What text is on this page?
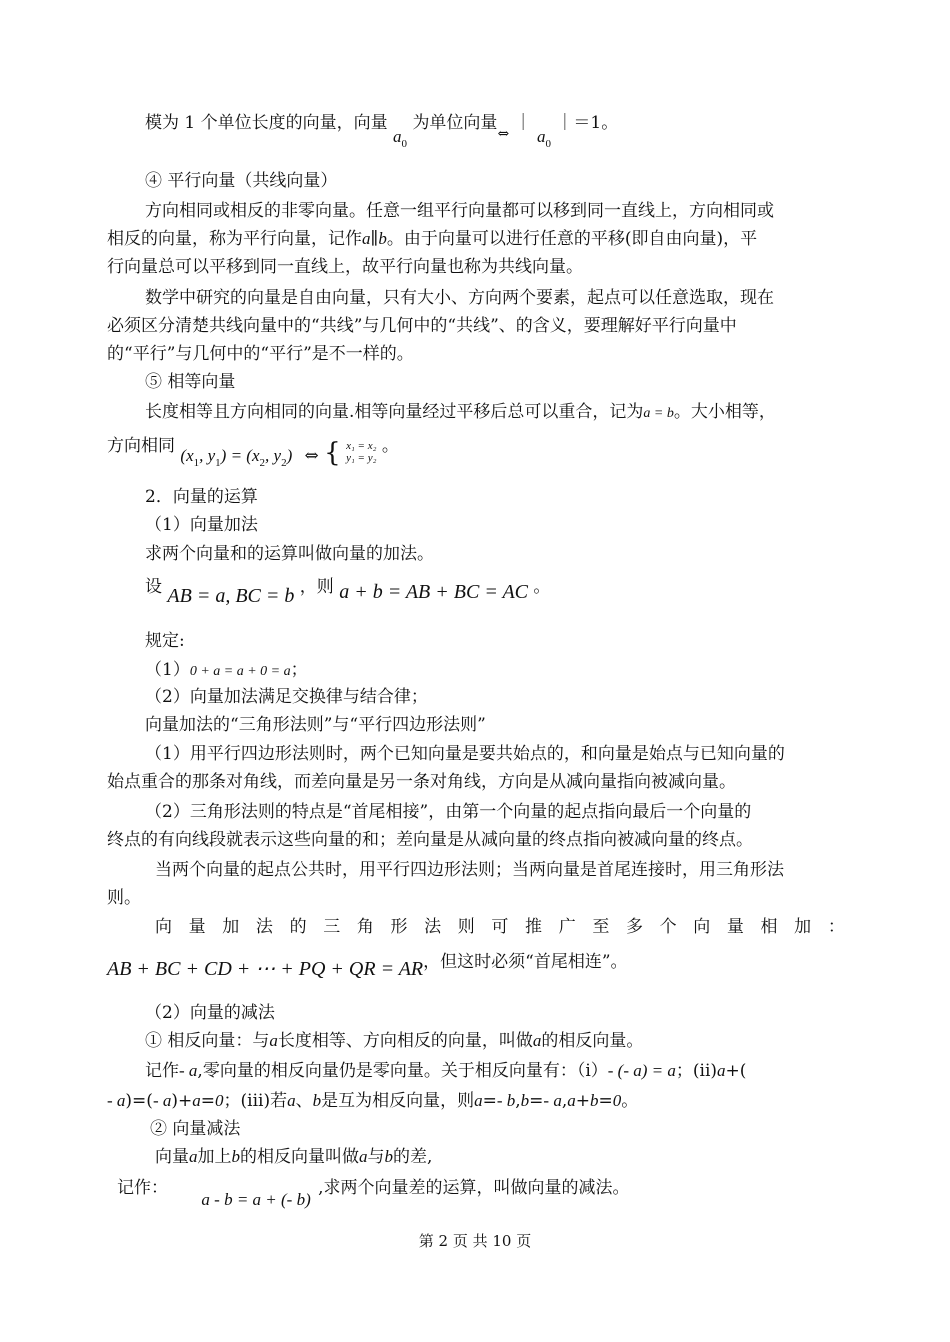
模为 1 个单位长度的向量，向量 $a_0$ 为单位向量$_\Leftrightarrow$ ｜ $a_0$ ｜＝1。
④ 平行向量（共线向量）
方向相同或相反的非零向量。任意一组平行向量都可以移到同一直线上，方向相同或
相反的向量，称为平行向量，记作a∥b。由于向量可以进行任意的平移(即自由向量)，平
行向量总可以平移到同一直线上，故平行向量也称为共线向量。
数学中研究的向量是自由向量，只有大小、方向两个要素，起点可以任意选取，现在
必须区分清楚共线向量中的“共线”与几何中的“共线”、的含义，要理解好平行向量中
的“平行”与几何中的“平行”是不一样的。
⑤ 相等向量
长度相等且方向相同的向量.相等向量经过平移后总可以重合，记为a = b。大小相等，
方向相同 ($x_1$, $y_1) = (x_2$, $y_2$) ⇔ { x₁ = x₂
y₁ = y₂
。
2．向量的运算
（1）向量加法
求两个向量和的运算叫做向量的加法。
设 AB = a, BC = b ，则 a + b = AB + BC = AC 。
规定:
（1）0 + a = a + 0 = a；
（2）向量加法满足交换律与结合律；
向量加法的“三角形法则”与“平行四边形法则”
（1）用平行四边形法则时，两个已知向量是要共始点的，和向量是始点与已知向量的
始点重合的那条对角线，而差向量是另一条对角线，方向是从减向量指向被减向量。
（2）三角形法则的特点是“首尾相接”，由第一个向量的起点指向最后一个向量的
终点的有向线段就表示这些向量的和；差向量是从减向量的终点指向被减向量的终点。
当两个向量的起点公共时，用平行四边形法则；当两向量是首尾连接时，用三角形法
则。
向 量 加 法 的 三 角 形 法 则 可 推 广 至 多 个 向 量 相 加 ：
AB + BC + CD + ⋯ + PQ + QR = AR，但这时必须“首尾相连”。
（2）向量的减法
① 相反向量：与a长度相等、方向相反的向量，叫做a的相反向量。
记作- a,零向量的相反向量仍是零向量。关于相反向量有：（i）- (- a) = a；(ii)a+(
- a)=(- a)+a=0；(iii)若a、b是互为相反向量，则a=- b,b=- a,a+b=0。
② 向量减法
向量a加上b的相反向量叫做a与b的差,
记作： a - b = a + (- b) ,求两个向量差的运算，叫做向量的减法。
第 2 页 共 10 页
